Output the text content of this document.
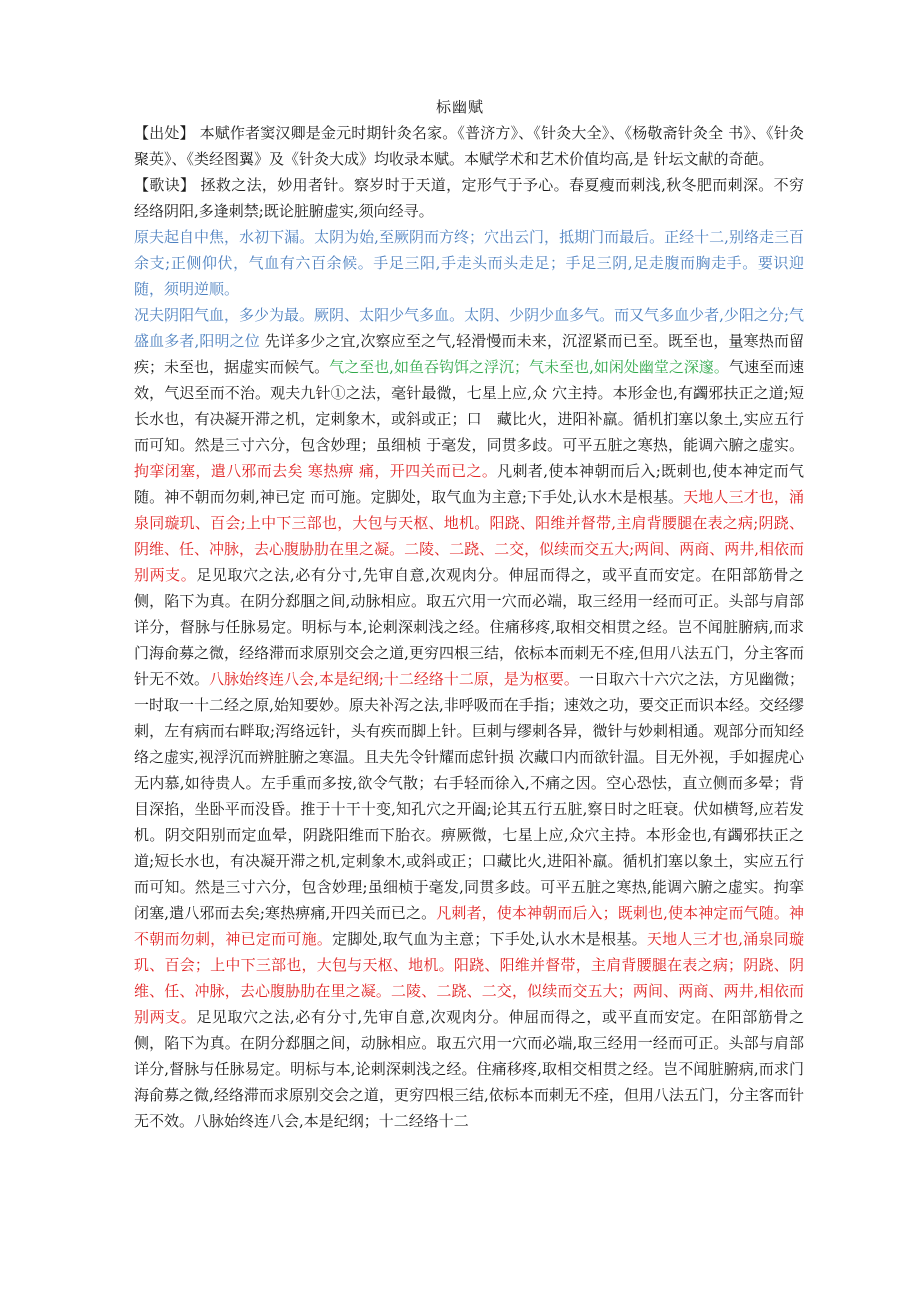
标幽赋

【出处】 本赋作者窦汉卿是金元时期针灸名家。《普济方》、《针灸大全》、《杨敬斋针灸全 书》、《针灸聚英》、《类经图翼》及《针灸大成》均收录本赋。本赋学术和艺术价值均高,是 针坛文献的奇葩。

【歌诀】 拯救之法，妙用者针。察岁时于天道，定形气于予心。春夏瘦而刺浅,秋冬肥而刺深。不穷 经络阴阳,多逢刺禁;既论脏腑虚实,须向经寻。

原夫起自中焦，水初下漏。太阴为始,至厥阴而方终；穴出云门，抵期门而最后。正经十二,别络走三百余支;正侧仰伏，气血有六百余候。手足三阳,手走头而头走足；手足三阴,足走腹而胸走手。要识迎随，须明逆顺。

况夫阴阳气血，多少为最。厥阴、太阳少气多血。太阴、少阴少血多气。而又气多血少者,少阳之分;气盛血多者,阳明之位 先详多少之宜,次察应至之气,轻滑慢而未来，沉涩紧而已至。既至也，量寒热而留疾；未至也，据虚实而候气。气之至也,如鱼吞钩饵之浮沉；气未至也,如闲处幽堂之深邃。气速至而速效，气迟至而不治。观夫九针①之法，毫针最微，七星上应,众 穴主持。本形金也,有蠲邪扶正之道;短长水也，有决凝开滞之机，定刺象木，或斜或正；口　藏比火，进阳补羸。循机扪塞以象土,实应五行而可知。然是三寸六分，包含妙理；虽细桢 于毫发，同贯多歧。可平五脏之寒热，能调六腑之虚实。拘挛闭塞，遣八邪而去矣 寒热痹 痛，开四关而已之。凡刺者,使本神朝而后入;既刺也,使本神定而气随。神不朝而勿刺,神已定 而可施。定脚处，取气血为主意;下手处,认水木是根基。天地人三才也，涌泉同璇玑、百会;上中下三部也，大包与天枢、地机。阳跷、阳维并督带,主肩背腰腿在表之病;阴跷、阴维、任、冲脉，去心腹胁肋在里之凝。二陵、二跷、二交，似续而交五大;两间、两商、两井,相依而别两支。足见取穴之法,必有分寸,先审自意,次观肉分。伸屈而得之，或平直而安定。在阳部筋骨之侧，陷下为真。在阴分郄腘之间,动脉相应。取五穴用一穴而必端，取三经用一经而可正。头部与肩部详分，督脉与任脉易定。明标与本,论刺深刺浅之经。住痛移疼,取相交相贯之经。岂不闻脏腑病,而求门海俞募之微，经络滞而求原别交会之道,更穷四根三结，依标本而刺无不痊,但用八法五门，分主客而针无不效。八脉始终连八会,本是纪纲;十二经络十二原，是为枢要。一日取六十六穴之法，方见幽微；一时取一十二经之原,始知要妙。原夫补泻之法,非呼吸而在手指；速效之功，要交正而识本经。交经缪刺，左有病而右畔取;泻络远针，头有疾而脚上针。巨刺与缪刺各异，微针与妙刺相通。观部分而知经络之虚实,视浮沉而辨脏腑之寒温。且夫先令针耀而虑针损 次藏口内而欲针温。目无外视，手如握虎心无内慕,如待贵人。左手重而多按,欲令气散；右手轻而徐入,不痛之因。空心恐怯，直立侧而多晕；背目深掐，坐卧平而没昏。推于十干十变,知孔穴之开阖;论其五行五脏,察日时之旺衰。伏如横弩,应若发机。阴交阳别而定血晕，阴跷阳维而下胎衣。痹厥微，七星上应,众穴主持。本形金也,有蠲邪扶正之道;短长水也，有决凝开滞之机,定刺象木,或斜或正；口藏比火,进阳补羸。循机扪塞以象土，实应五行而可知。然是三寸六分，包含妙理;虽细桢于毫发,同贯多歧。可平五脏之寒热,能调六腑之虚实。拘挛闭塞,遣八邪而去矣;寒热痹痛,开四关而已之。凡刺者，使本神朝而后入；既刺也,使本神定而气随。神不朝而勿刺，神已定而可施。定脚处,取气血为主意；下手处,认水木是根基。天地人三才也,涌泉同璇玑、百会；上中下三部也，大包与天枢、地机。阳跷、阳维并督带，主肩背腰腿在表之病；阴跷、阴维、任、冲脉，去心腹胁肋在里之凝。二陵、二跷、二交，似续而交五大；两间、两商、两井,相依而别两支。足见取穴之法,必有分寸,先审自意,次观肉分。伸屈而得之，或平直而安定。在阳部筋骨之侧，陷下为真。在阴分郄腘之间，动脉相应。取五穴用一穴而必端,取三经用一经而可正。头部与肩部详分,督脉与任脉易定。明标与本,论刺深刺浅之经。住痛移疼,取相交相贯之经。岂不闻脏腑病,而求门海俞募之微,经络滞而求原别交会之道，更穷四根三结,依标本而刺无不痊，但用八法五门，分主客而针无不效。八脉始终连八会,本是纪纲；十二经络十二
